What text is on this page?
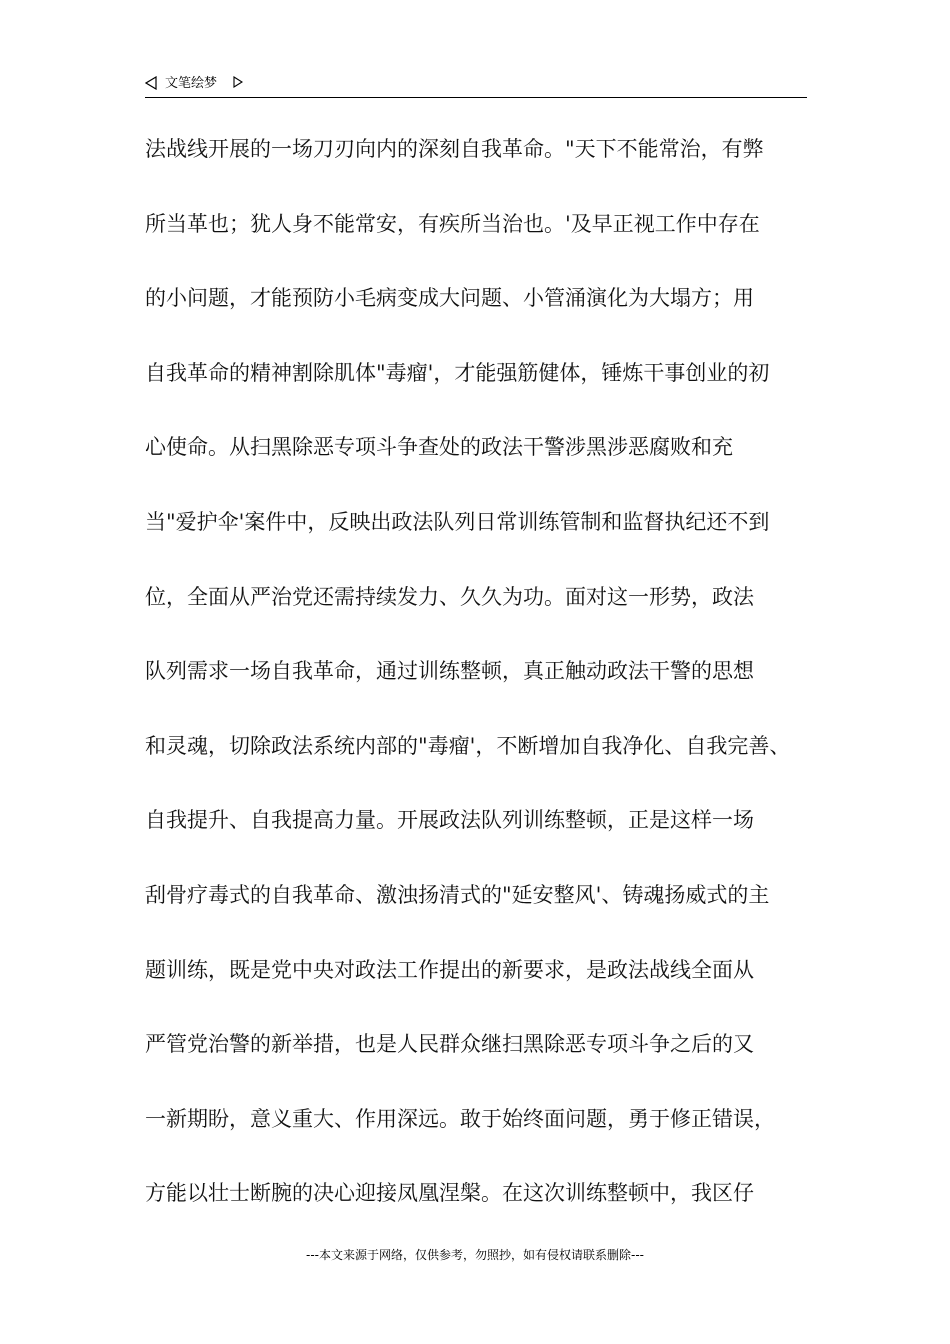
文笔绘梦
法战线开展的一场刀刃向内的深刻自我革命。"天下不能常治，有弊
所当革也；犹人身不能常安，有疾所当治也。'及早正视工作中存在
的小问题，才能预防小毛病变成大问题、小管涌演化为大塌方；用
自我革命的精神割除肌体"毒瘤'，才能强筋健体，锤炼干事创业的初
心使命。从扫黑除恶专项斗争查处的政法干警涉黑涉恶腐败和充
当"爱护伞'案件中，反映出政法队列日常训练管制和监督执纪还不到
位，全面从严治党还需持续发力、久久为功。面对这一形势，政法
队列需求一场自我革命，通过训练整顿，真正触动政法干警的思想
和灵魂，切除政法系统内部的"毒瘤'，不断增加自我净化、自我完善、
自我提升、自我提高力量。开展政法队列训练整顿，正是这样一场
刮骨疗毒式的自我革命、激浊扬清式的"延安整风'、铸魂扬威式的主
题训练，既是党中央对政法工作提出的新要求，是政法战线全面从
严管党治警的新举措，也是人民群众继扫黑除恶专项斗争之后的又
一新期盼，意义重大、作用深远。敢于始终面问题，勇于修正错误，
方能以壮士断腕的决心迎接凤凰涅槃。在这次训练整顿中，我区仔
---本文来源于网络，仅供参考，勿照抄，如有侵权请联系删除---
